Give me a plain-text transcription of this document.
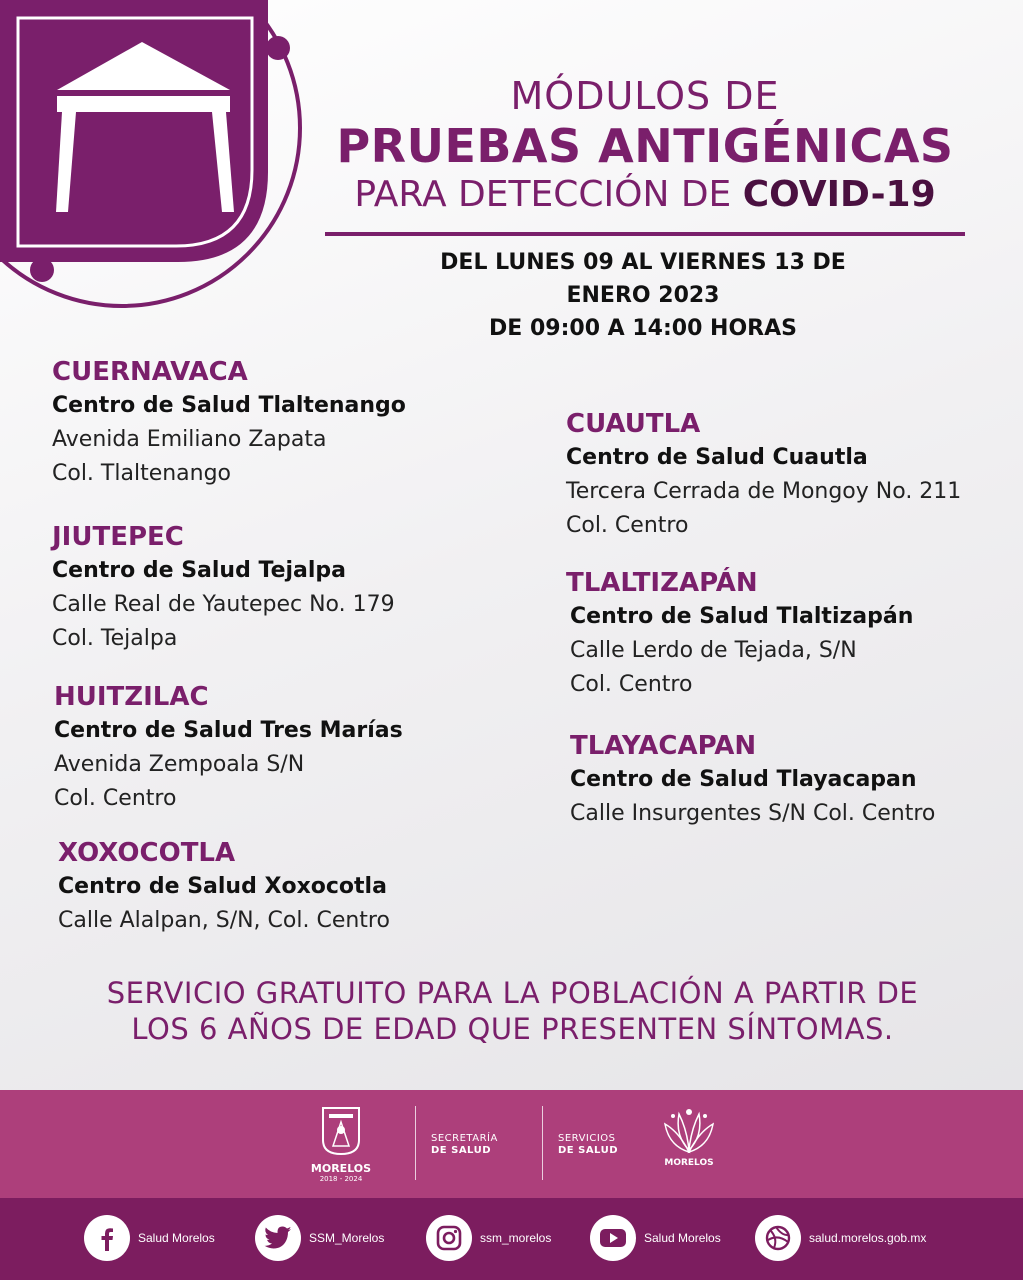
MÓDULOS DE
PRUEBAS ANTIGÉNICAS
PARA DETECCIÓN DE COVID-19
DEL LUNES 09 AL VIERNES 13 DE
ENERO 2023
DE 09:00 A 14:00 HORAS
CUERNAVACA
Centro de Salud Tlaltenango
Avenida Emiliano Zapata
Col. Tlaltenango
JIUTEPEC
Centro de Salud Tejalpa
Calle Real de Yautepec No. 179
Col. Tejalpa
HUITZILAC
Centro de Salud Tres Marías
Avenida Zempoala S/N
Col. Centro
XOXOCOTLA
Centro de Salud Xoxocotla
Calle Alalpan, S/N, Col. Centro
CUAUTLA
Centro de Salud Cuautla
Tercera Cerrada de Mongoy No. 211
Col. Centro
TLALTIZAPÁN
Centro de Salud Tlaltizapán
Calle Lerdo de Tejada, S/N
Col. Centro
TLAYACAPAN
Centro de Salud Tlayacapan
Calle Insurgentes S/N Col. Centro
SERVICIO GRATUITO PARA LA POBLACIÓN A PARTIR DE
LOS 6 AÑOS DE EDAD QUE PRESENTEN SÍNTOMAS.
MORELOS
2018 - 2024
SECRETARÍA
DE SALUD
SERVICIOS
DE SALUD
MORELOS
Salud Morelos	SSM_Morelos	ssm_morelos	Salud Morelos	salud.morelos.gob.mx
